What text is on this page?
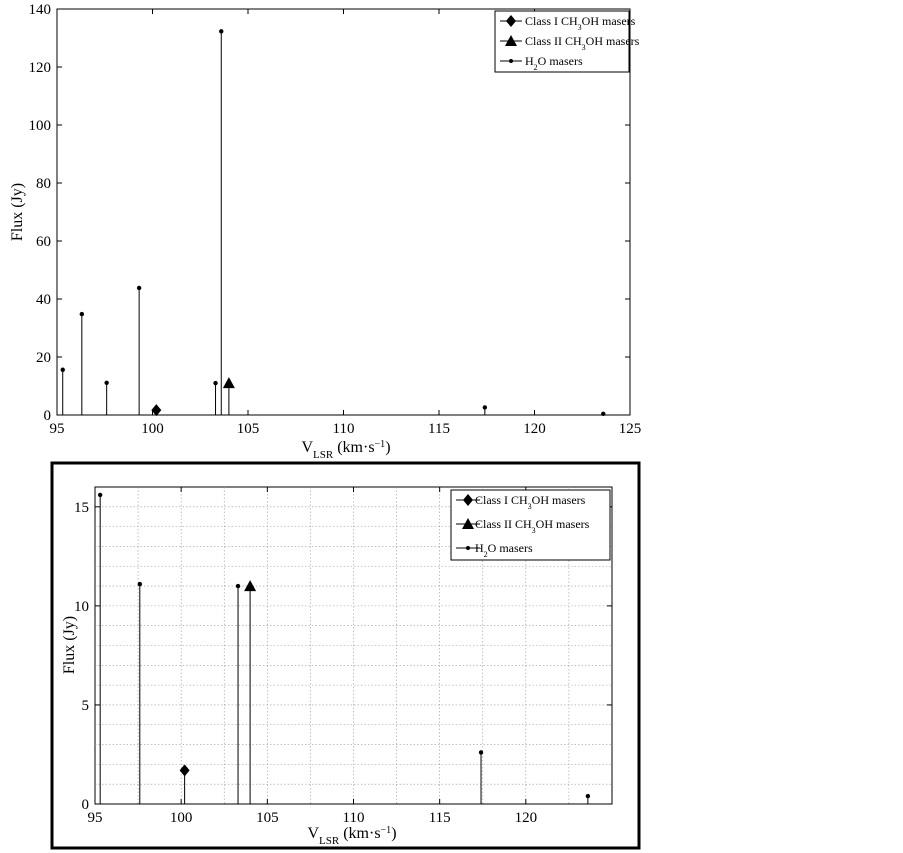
0
20
40
60
80
100
120
140
95	100	105	110	115	120	125
Flux (Jy)
$V_{LSR}$ $(km\cdot s^{-1})$
Class I $CH_3OH$ masers
Class II $CH_3OH$ masers
$H_2O$ masers
0
5
10
15
95	100	105	110	115	120
Flux (Jy)
$V_{LSR}$ $(km\cdot s^{-1})$
Class I $CH_3OH$ masers
Class II $CH_3OH$ masers
$H_2O$ masers
